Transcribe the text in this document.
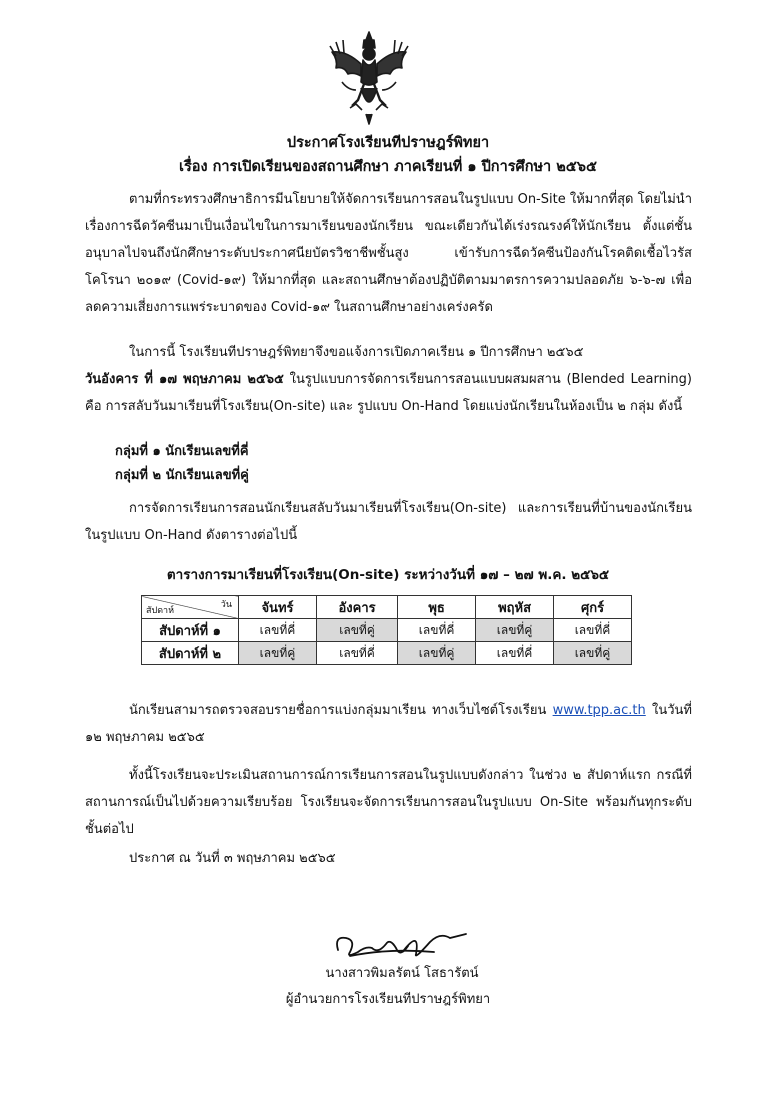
ประกาศโรงเรียนทีปราษฎร์พิทยา
เรื่อง การเปิดเรียนของสถานศึกษา ภาคเรียนที่ ๑ ปีการศึกษา ๒๕๖๕
ตามที่กระทรวงศึกษาธิการมีนโยบายให้จัดการเรียนการสอนในรูปแบบ On-Site ให้มากที่สุด โดยไม่นำเรื่องการฉีดวัคซีนมาเป็นเงื่อนไขในการมาเรียนของนักเรียน ขณะเดียวกันได้เร่งรณรงค์ให้นักเรียน ตั้งแต่ชั้นอนุบาลไปจนถึงนักศึกษาระดับประกาศนียบัตรวิชาชีพชั้นสูง เข้ารับการฉีดวัคซีนป้องกันโรคติดเชื้อไวรัสโคโรนา ๒๐๑๙ (Covid-๑๙) ให้มากที่สุด และสถานศึกษาต้องปฏิบัติตามมาตรการความปลอดภัย ๖-๖-๗ เพื่อลดความเสี่ยงการแพร่ระบาดของ Covid-๑๙ ในสถานศึกษาอย่างเคร่งครัด
ในการนี้ โรงเรียนทีปราษฎร์พิทยาจึงขอแจ้งการเปิดภาคเรียน ๑ ปีการศึกษา ๒๕๖๕
วันอังคาร ที่ ๑๗ พฤษภาคม ๒๕๖๕ ในรูปแบบการจัดการเรียนการสอนแบบผสมผสาน (Blended Learning) คือ การสลับวันมาเรียนที่โรงเรียน(On-site) และ รูปแบบ On-Hand โดยแบ่งนักเรียนในห้องเป็น ๒ กลุ่ม ดังนี้
กลุ่มที่ ๑ นักเรียนเลขที่คี่
กลุ่มที่ ๒ นักเรียนเลขที่คู่
การจัดการเรียนการสอนนักเรียนสลับวันมาเรียนที่โรงเรียน(On-site) และการเรียนที่บ้านของนักเรียน ในรูปแบบ On-Hand ดังตารางต่อไปนี้
ตารางการมาเรียนที่โรงเรียน(On-site) ระหว่างวันที่ ๑๗ – ๒๗ พ.ค. ๒๕๖๕
วัน
สัปดาห์	จันทร์	อังคาร	พุธ	พฤหัส	ศุกร์
สัปดาห์ที่ ๑	เลขที่คี่	เลขที่คู่	เลขที่คี่	เลขที่คู่	เลขที่คี่
สัปดาห์ที่ ๒	เลขที่คู่	เลขที่คี่	เลขที่คู่	เลขที่คี่	เลขที่คู่
นักเรียนสามารถตรวจสอบรายชื่อการแบ่งกลุ่มมาเรียน ทางเว็บไซต์โรงเรียน www.tpp.ac.th ในวันที่ ๑๒ พฤษภาคม ๒๕๖๕
ทั้งนี้โรงเรียนจะประเมินสถานการณ์การเรียนการสอนในรูปแบบดังกล่าว ในช่วง ๒ สัปดาห์แรก กรณีที่สถานการณ์เป็นไปด้วยความเรียบร้อย โรงเรียนจะจัดการเรียนการสอนในรูปแบบ On-Site พร้อมกันทุกระดับชั้นต่อไป
ประกาศ ณ วันที่ ๓ พฤษภาคม ๒๕๖๕
นางสาวพิมลรัตน์ โสธารัตน์
ผู้อำนวยการโรงเรียนทีปราษฎร์พิทยา
